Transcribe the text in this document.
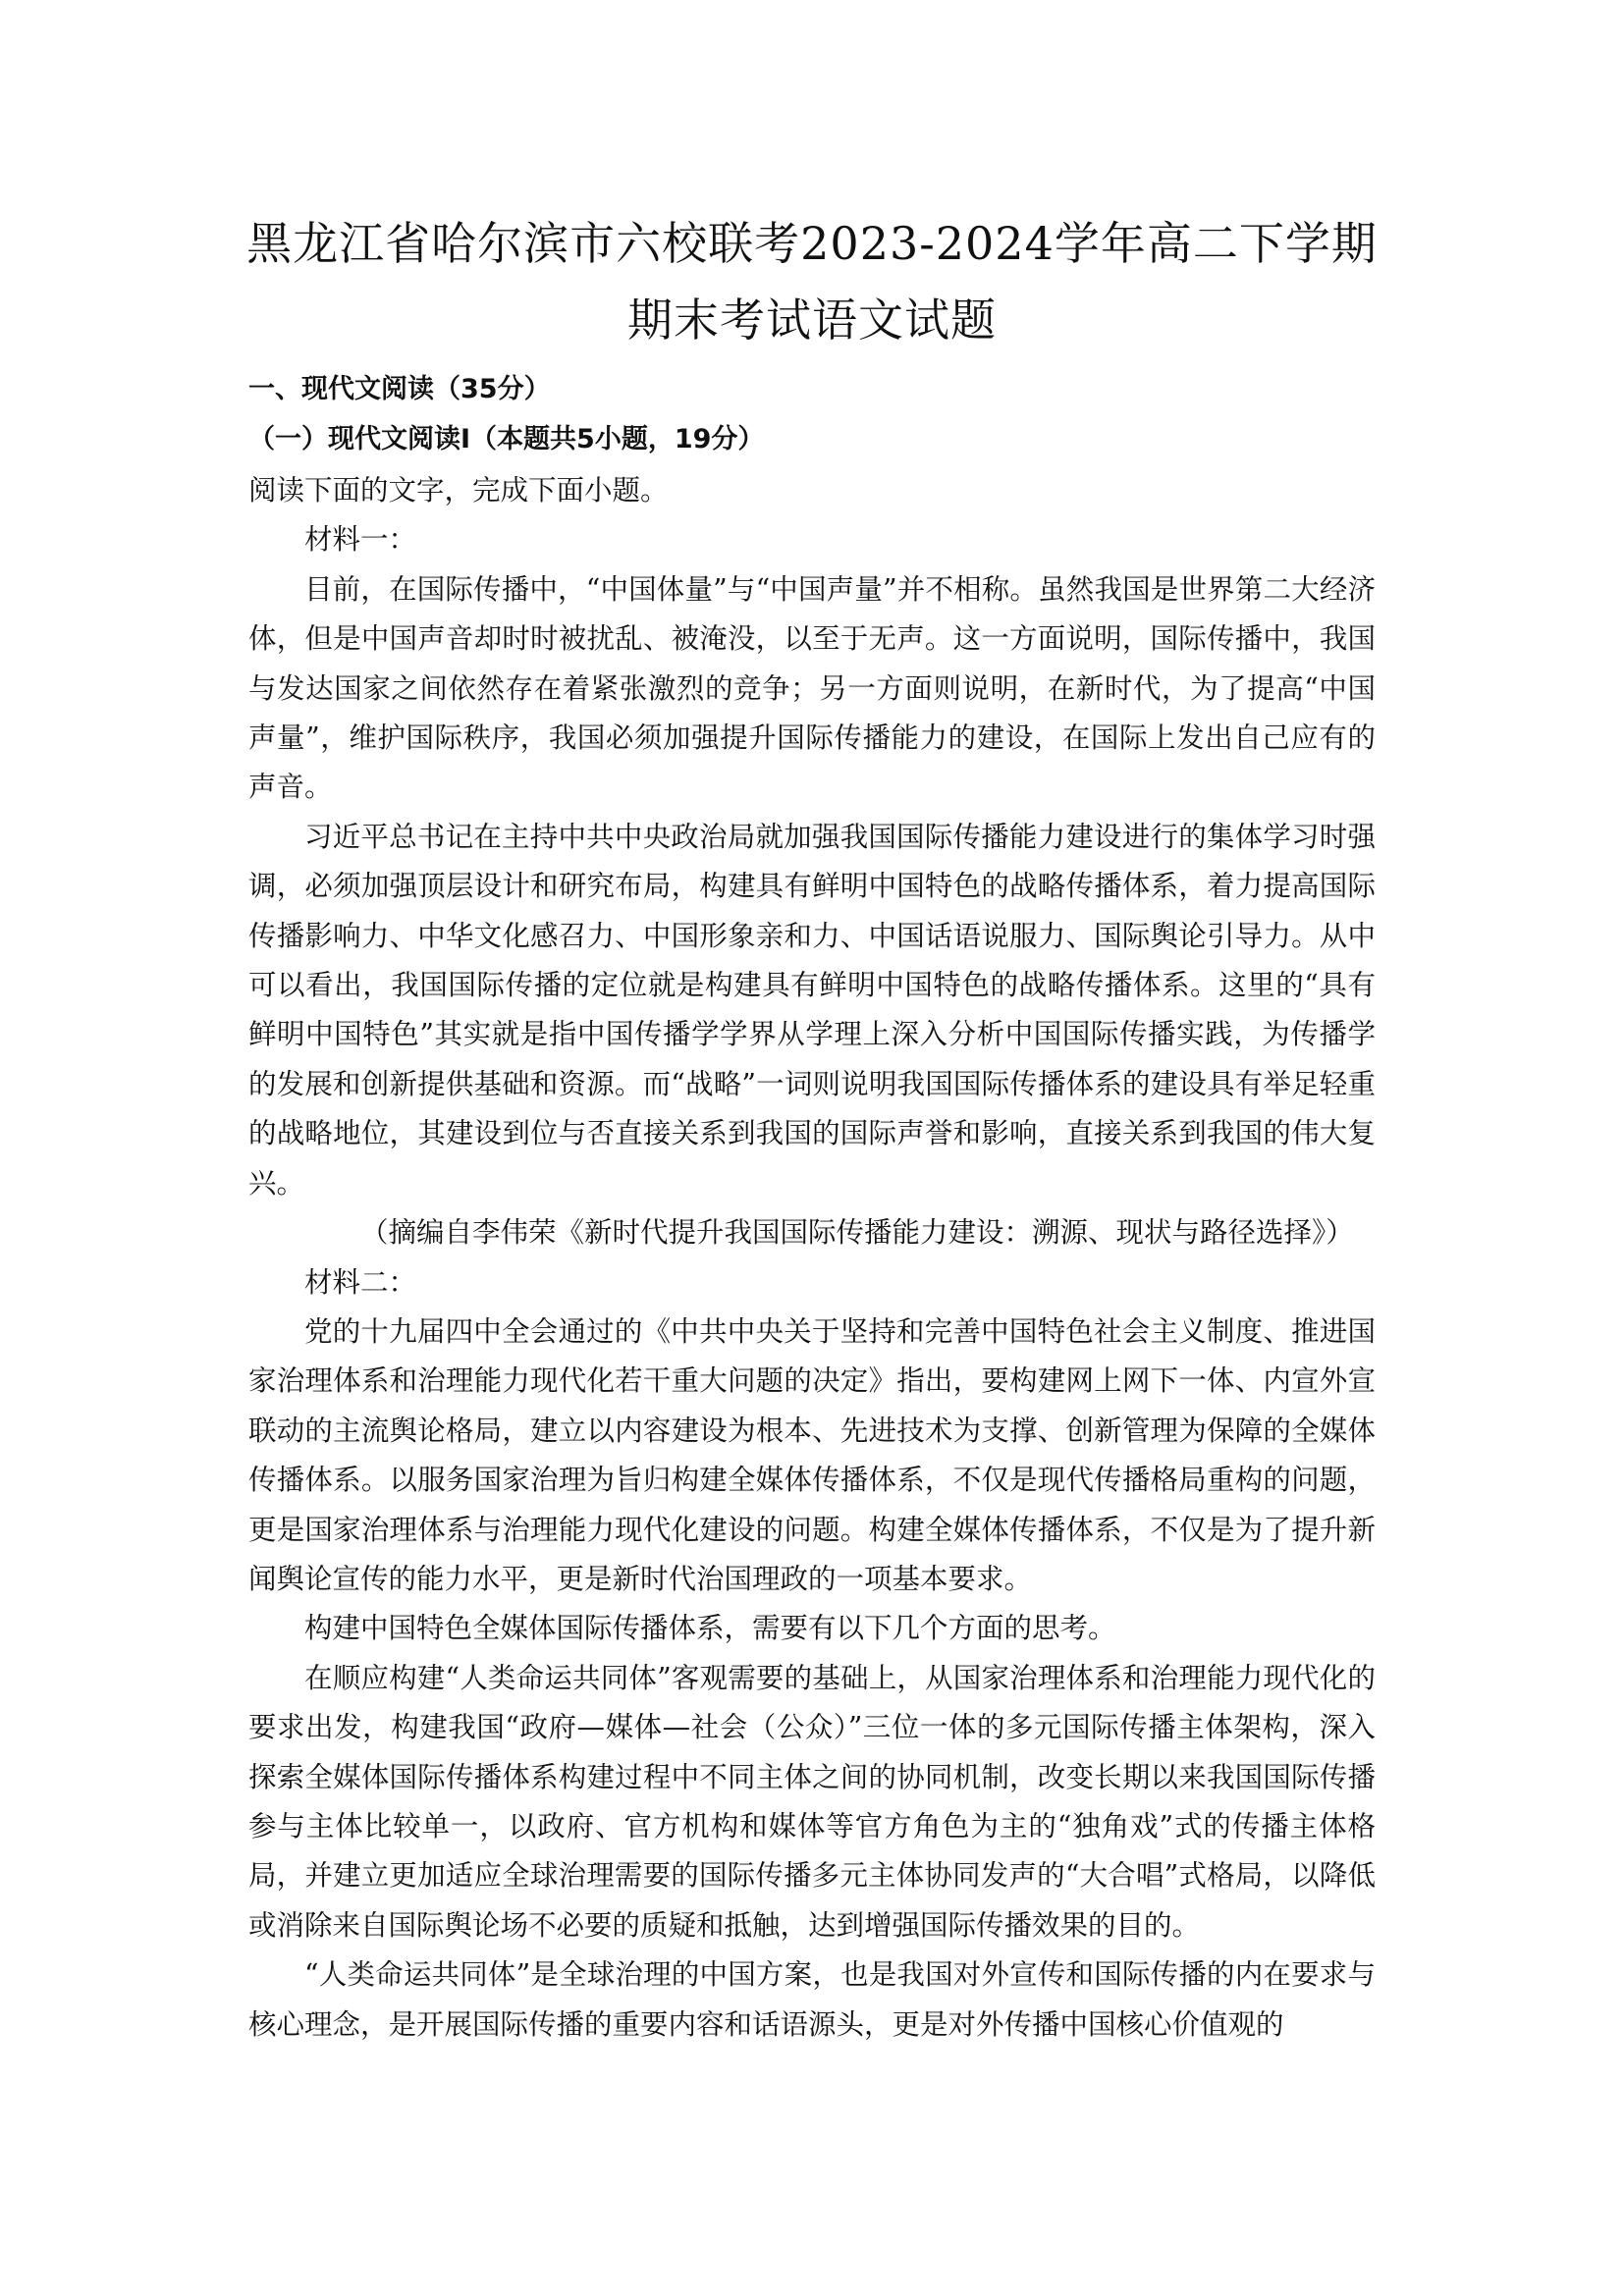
黑龙江省哈尔滨市六校联考2023-2024学年高二下学期
期末考试语文试题
一、现代文阅读（35分）
（一）现代文阅读Ⅰ（本题共5小题，19分）

阅读下面的文字，完成下面小题。

材料一：

目前，在国际传播中，“中国体量”与“中国声量”并不相称。虽然我国是世界第二大经济体，但是中国声音却时时被扰乱、被淹没，以至于无声。这一方面说明，国际传播中，我国与发达国家之间依然存在着紧张激烈的竞争；另一方面则说明，在新时代，为了提高“中国声量”，维护国际秩序，我国必须加强提升国际传播能力的建设，在国际上发出自己应有的声音。

习近平总书记在主持中共中央政治局就加强我国国际传播能力建设进行的集体学习时强调，必须加强顶层设计和研究布局，构建具有鲜明中国特色的战略传播体系，着力提高国际传播影响力、中华文化感召力、中国形象亲和力、中国话语说服力、国际舆论引导力。从中可以看出，我国国际传播的定位就是构建具有鲜明中国特色的战略传播体系。这里的“具有鲜明中国特色”其实就是指中国传播学学界从学理上深入分析中国国际传播实践，为传播学的发展和创新提供基础和资源。而“战略”一词则说明我国国际传播体系的建设具有举足轻重的战略地位，其建设到位与否直接关系到我国的国际声誉和影响，直接关系到我国的伟大复兴。

（摘编自李伟荣《新时代提升我国国际传播能力建设：溯源、现状与路径选择》）

材料二：

党的十九届四中全会通过的《中共中央关于坚持和完善中国特色社会主义制度、推进国家治理体系和治理能力现代化若干重大问题的决定》指出，要构建网上网下一体、内宣外宣联动的主流舆论格局，建立以内容建设为根本、先进技术为支撑、创新管理为保障的全媒体传播体系。以服务国家治理为旨归构建全媒体传播体系，不仅是现代传播格局重构的问题，更是国家治理体系与治理能力现代化建设的问题。构建全媒体传播体系，不仅是为了提升新闻舆论宣传的能力水平，更是新时代治国理政的一项基本要求。

构建中国特色全媒体国际传播体系，需要有以下几个方面的思考。

在顺应构建“人类命运共同体”客观需要的基础上，从国家治理体系和治理能力现代化的要求出发，构建我国“政府—媒体—社会（公众）”三位一体的多元国际传播主体架构，深入探索全媒体国际传播体系构建过程中不同主体之间的协同机制，改变长期以来我国国际传播参与主体比较单一，以政府、官方机构和媒体等官方角色为主的“独角戏”式的传播主体格局，并建立更加适应全球治理需要的国际传播多元主体协同发声的“大合唱”式格局，以降低或消除来自国际舆论场不必要的质疑和抵触，达到增强国际传播效果的目的。

“人类命运共同体”是全球治理的中国方案，也是我国对外宣传和国际传播的内在要求与核心理念，是开展国际传播的重要内容和话语源头，更是对外传播中国核心价值观的
